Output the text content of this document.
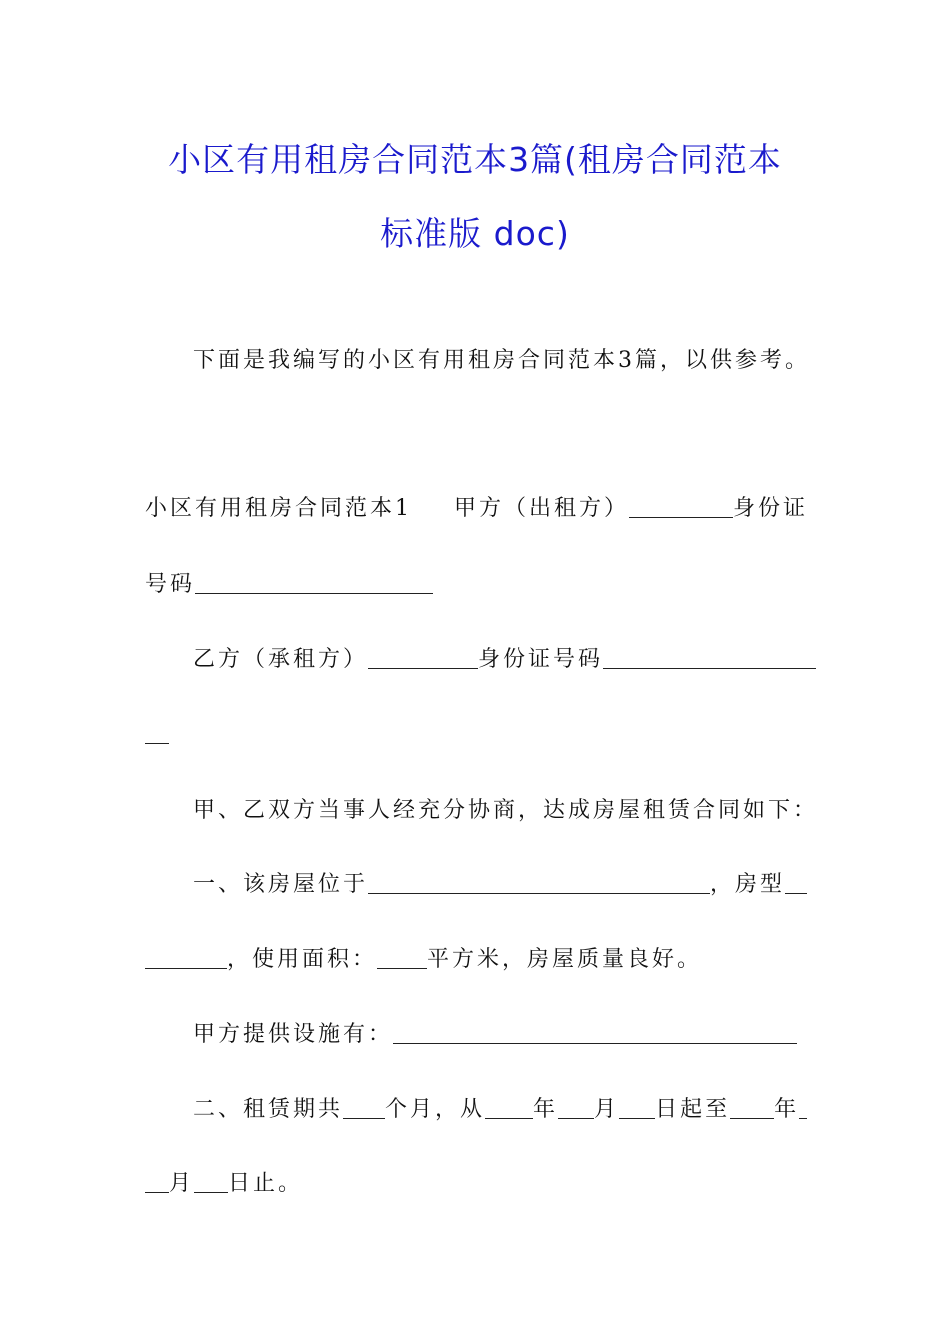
小区有用租房合同范本3篇(租房合同范本
标准版 doc)
下面是我编写的小区有用租房合同范本3篇，以供参考。
小区有用租房合同范本1 甲方（出租方）	身份证
号码
乙方（承租方）	身份证号码
甲、乙双方当事人经充分协商，达成房屋租赁合同如下：
一、该房屋位于	，房型
，使用面积： 平方米，房屋质量良好。
甲方提供设施有：
二、租赁期共 个月，从 年 月 日起至 年
月 日止。
